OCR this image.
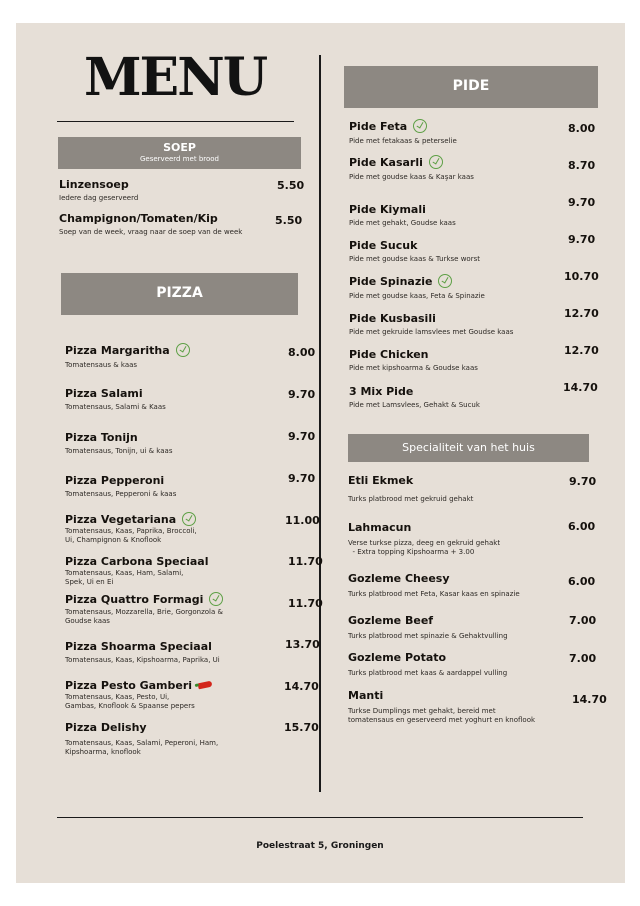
MENU
SOEP
Geserveerd met brood
Linzensoep
Iedere dag geserveerd
5.50
Champignon/Tomaten/Kip
Soep van de week, vraag naar de soep van de week
5.50
PIZZA
Pizza Margaritha
Tomatensaus & kaas
8.00
Pizza Salami
Tomatensaus, Salami & Kaas
9.70
Pizza Tonijn
Tomatensaus, Tonijn, ui & kaas
9.70
Pizza Pepperoni
Tomatensaus, Pepperoni & kaas
9.70
Pizza Vegetariana
Tomatensaus, Kaas, Paprika, Broccoli,
Ui, Champignon & Knoflook
11.00
Pizza Carbona Speciaal
Tomatensaus, Kaas, Ham, Salami,
Spek, Ui en Ei
11.70
Pizza Quattro Formagi
Tomatensaus, Mozzarella, Brie, Gorgonzola &
Goudse kaas
11.70
Pizza Shoarma Speciaal
Tomatensaus, Kaas, Kipshoarma, Paprika, Ui
13.70
Pizza Pesto Gamberi
Tomatensaus, Kaas, Pesto, Ui,
Gambas, Knoflook & Spaanse pepers
14.70
Pizza Delishy
Tomatensaus, Kaas, Salami, Peperoni, Ham,
Kipshoarma, knoflook
15.70
PIDE
Pide Feta
Pide met fetakaas & peterselie
8.00
Pide Kasarli
Pide met goudse kaas & Kaşar kaas
8.70
Pide Kiymali
Pide met gehakt, Goudse kaas
9.70
Pide Sucuk
Pide met goudse kaas & Turkse worst
9.70
Pide Spinazie
Pide met goudse kaas, Feta & Spinazie
10.70
Pide Kusbasili
Pide met gekruide lamsvlees met Goudse kaas
12.70
Pide Chicken
Pide met kipshoarma & Goudse kaas
12.70
3 Mix Pide
Pide met Lamsvlees, Gehakt & Sucuk
14.70
Specialiteit van het huis
Etli Ekmek
Turks platbrood met gekruid gehakt
9.70
Lahmacun
Verse turkse pizza, deeg en gekruid gehakt
- Extra topping Kipshoarma + 3.00
6.00
Gozleme Cheesy
Turks platbrood met Feta, Kasar kaas en spinazie
6.00
Gozleme Beef
Turks platbrood met spinazie & Gehaktvulling
7.00
Gozleme Potato
Turks platbrood met kaas & aardappel vulling
7.00
Manti
Turkse Dumplings met gehakt, bereid met
tomatensaus en geserveerd met yoghurt en knoflook
14.70
Poelestraat 5, Groningen
